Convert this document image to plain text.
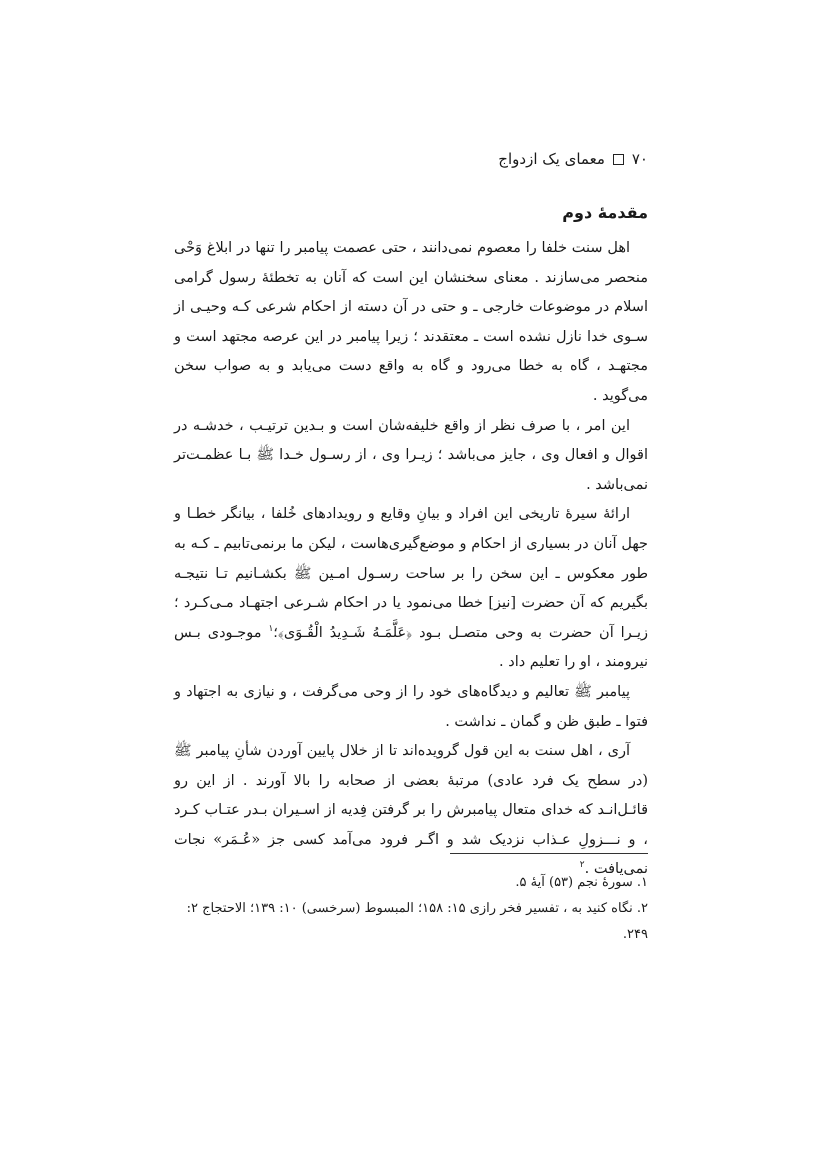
۷۰
معمای یک ازدواج
مقدمهٔ دوم

اهل سنت خلفا را معصوم نمی‌دانند ، حتی عصمت پیامبر را تنها در ابلاغ وَحْی منحصر می‌سازند . معنای سخنشان این است که آنان به تخطئهٔ رسول گرامی اسلام در موضوعات خارجی ـ و حتی در آن دسته از احکام شرعی کـه وحیـی از سـوی خدا نازل نشده است ـ معتقدند ؛ زیرا پیامبر در این عرصه مجتهد است و مجتهـد ، گاه به خطا می‌رود و گاه به واقع دست می‌یابد و به صواب سخن می‌گوید .

این امر ، با صرف نظر از واقع خلیفه‌شان است و بـدین ترتیـب ، خدشـه در اقوال و افعال وی ، جایز می‌باشد ؛ زیـرا وی ، از رسـول خـدا ﷺ بـا عظمـت‌تر نمی‌باشد .

ارائهٔ سیرهٔ تاریخی این افراد و بیانِ وقایع و رویدادهای خُلفا ، بیانگر خطـا و جهل آنان در بسیاری از احکام و موضع‌گیری‌هاست ، لیکن ما برنمی‌تابیم ـ کـه به طور معکوس ـ این سخن را بر ساحت رسـول امـین ﷺ بکشـانیم تـا نتیجـه بگیریم که آن حضرت [نیز] خطا می‌نمود یا در احکام شـرعی اجتهـاد مـی‌کـرد ؛ زیـرا آن حضرت به وحی متصـل بـود ﴿عَلَّمَـهُ شَـدِيدُ الْقُـوَى﴾؛$^۱$ موجـودی بـس نیرومند ، او را تعلیم داد .

پیامبر ﷺ تعالیم و دیدگاه‌های خود را از وحی می‌گرفت ، و نیازی به اجتهاد و فتوا ـ طبق ظن و گمان ـ نداشت .

آری ، اهل سنت به این قول گرویده‌اند تا از خلال پایین آوردن شأنِ پیامبر ﷺ (در سطح یک فرد عادی) مرتبهٔ بعضی از صحابه را بالا آورند . از این رو قائـل‌انـد که خدای متعال پیامبرش را بر گرفتن فِدیه از اسـیران بـدر عتـاب کـرد ، و نـــزولِ عـذاب نزدیک شد و اگـر فرود می‌آمد کسی جز «عُـمَر» نجات نمی‌یافت .$^۲$

۱. سورهٔ نجم (۵۳) آیهٔ ۵.

۲. نگاه کنید به ، تفسیر فخر رازی ۱۵: ۱۵۸؛ المبسوط (سرخسی) ۱۰: ۱۳۹؛ الاحتجاج ۲: ۲۴۹.
